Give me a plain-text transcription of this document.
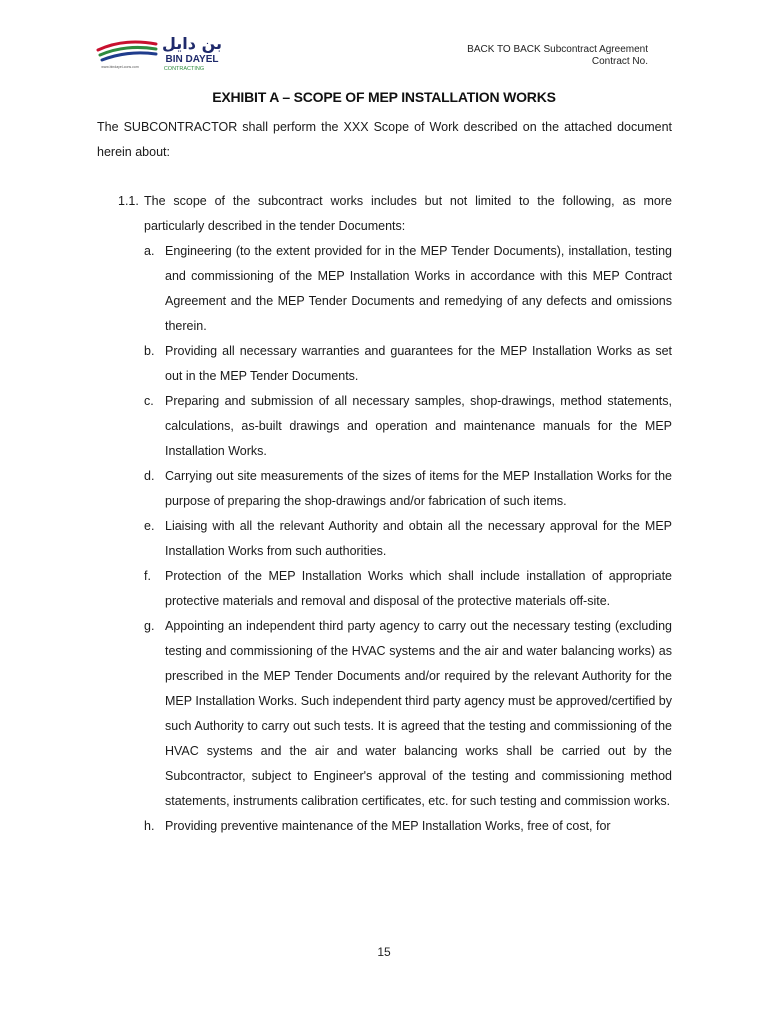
بن دايل
BIN DAYEL
CONTRACTING
www.bindayel-cons.com
BACK TO BACK Subcontract Agreement
Contract No.
EXHIBIT A – SCOPE OF MEP INSTALLATION WORKS
The SUBCONTRACTOR shall perform the XXX Scope of Work described on the attached document herein about:
1.1. The scope of the subcontract works includes but not limited to the following, as more particularly described in the tender Documents:
a. Engineering (to the extent provided for in the MEP Tender Documents), installation, testing and commissioning of the MEP Installation Works in accordance with this MEP Contract Agreement and the MEP Tender Documents and remedying of any defects and omissions therein.
b. Providing all necessary warranties and guarantees for the MEP Installation Works as set out in the MEP Tender Documents.
c. Preparing and submission of all necessary samples, shop-drawings, method statements, calculations, as-built drawings and operation and maintenance manuals for the MEP Installation Works.
d. Carrying out site measurements of the sizes of items for the MEP Installation Works for the purpose of preparing the shop-drawings and/or fabrication of such items.
e. Liaising with all the relevant Authority and obtain all the necessary approval for the MEP Installation Works from such authorities.
f.	Protection of the MEP Installation Works which shall include installation of appropriate protective materials and removal and disposal of the protective materials off-site.
g. Appointing an independent third party agency to carry out the necessary testing (excluding testing and commissioning of the HVAC systems and the air and water balancing works) as prescribed in the MEP Tender Documents and/or required by the relevant Authority for the MEP Installation Works. Such independent third party agency must be approved/certified by such Authority to carry out such tests. It is agreed that the testing and commissioning of the HVAC systems and the air and water balancing works shall be carried out by the Subcontractor, subject to Engineer's approval of the testing and commissioning method statements, instruments calibration certificates, etc. for such testing and commission works.
h. Providing preventive maintenance of the MEP Installation Works, free of cost, for
15
